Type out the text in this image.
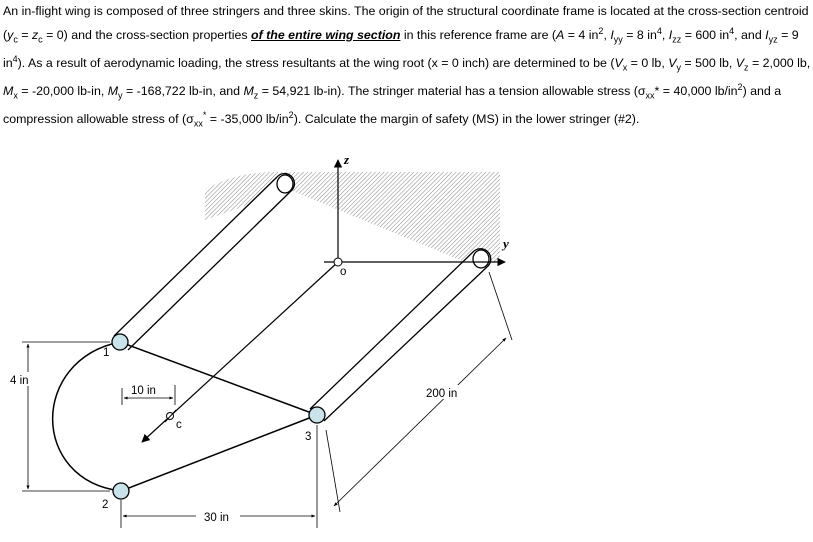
An in-flight wing is composed of three stringers and three skins. The origin of the structural coordinate frame is located at the cross-section centroid $(y_c = z_c = 0)$ and the cross-section properties of the entire wing section in this reference frame are (A = 4 $in^2$, $I_{yy} = 8$ $in^4$, $I_{zz} = 600$ $in^4$, and $I_{yz} = 9$ $in^4$). As a result of aerodynamic loading, the stress resultants at the wing root (x = 0 inch) are determined to be ($V_x = 0$ lb, $V_y = 500$ lb, $V_z = 2,000$ lb, $M_x = -20,000$ lb-in, $M_y = -168,722$ lb-in, and $M_z = 54,921$ lb-in). The stringer material has a tension allowable stress ($\sigma_{xx}* = 40,000$ $lb/in^2$) and a compression allowable stress of ($\sigma_{xx}^* = -35,000$ $lb/in^2$). Calculate the margin of safety (MS) in the lower stringer (#2).
z
y
o
c
1
2
3
4 in
10 in
30 in
200 in
